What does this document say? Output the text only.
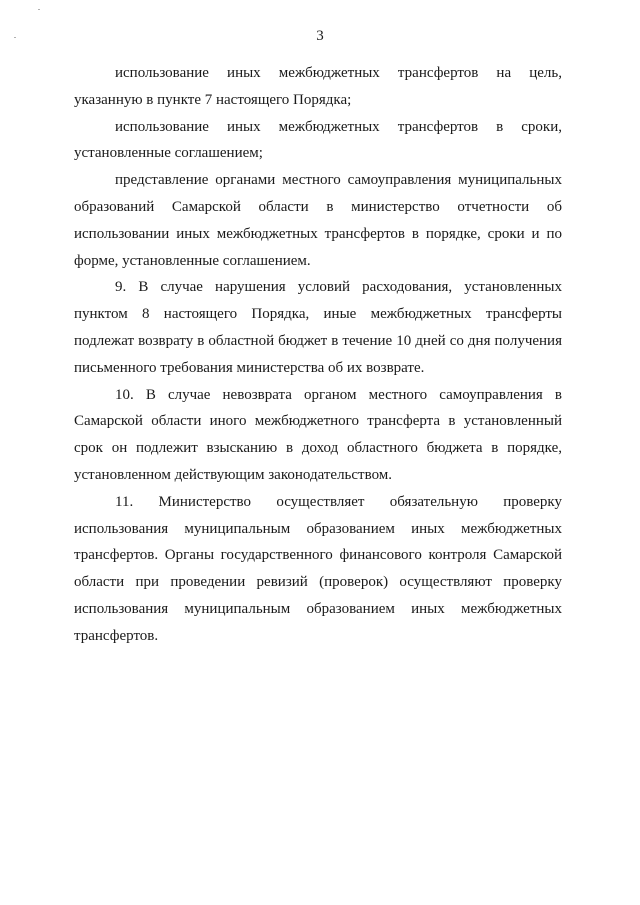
3

использование иных межбюджетных трансфертов на цель, указанную в пункте 7 настоящего Порядка;

использование иных межбюджетных трансфертов в сроки, установленные соглашением;

представление органами местного самоуправления муниципальных образований Самарской области в министерство отчетности об использовании иных межбюджетных трансфертов в порядке, сроки и по форме, установленные соглашением.

9. В случае нарушения условий расходования, установленных пунктом 8 настоящего Порядка, иные межбюджетных трансферты подлежат возврату в областной бюджет в течение 10 дней со дня получения письменного требования министерства об их возврате.

10. В случае невозврата органом местного самоуправления в Самарской области иного межбюджетного трансферта в установленный срок он подлежит взысканию в доход областного бюджета в порядке, установленном действующим законодательством.

11. Министерство осуществляет обязательную проверку использования муниципальным образованием иных межбюджетных трансфертов. Органы государственного финансового контроля Самарской области при проведении ревизий (проверок) осуществляют проверку использования муниципальным образованием иных межбюджетных трансфертов.
